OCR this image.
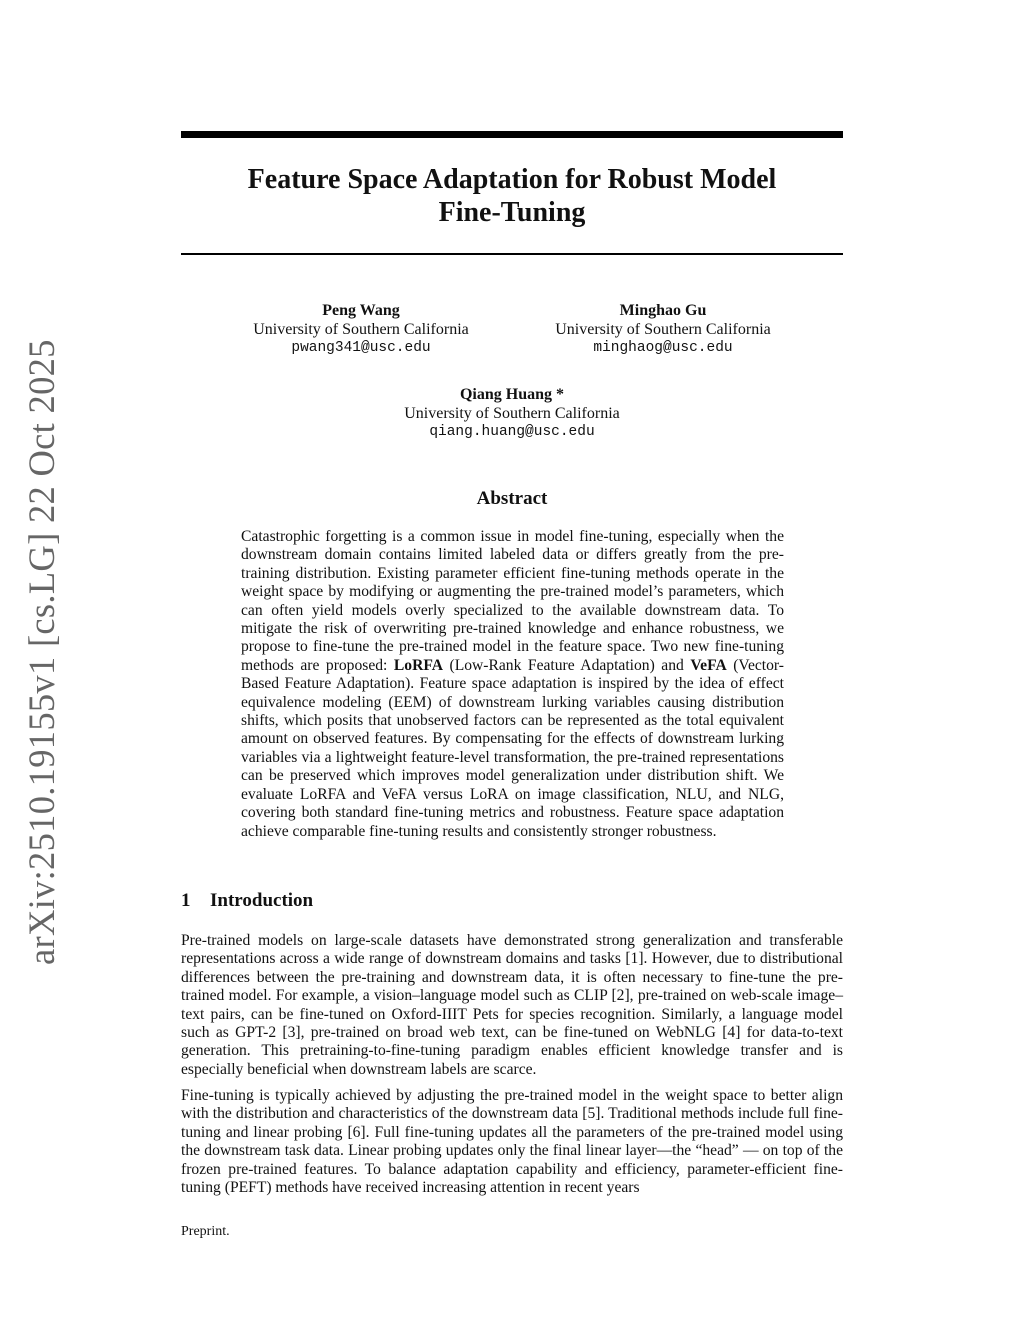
arXiv:2510.19155v1 [cs.LG] 22 Oct 2025
Feature Space Adaptation for Robust Model
Fine-Tuning
Peng Wang
University of Southern California
pwang341@usc.edu
Minghao Gu
University of Southern California
minghaog@usc.edu
Qiang Huang *
University of Southern California
qiang.huang@usc.edu
Abstract

Catastrophic forgetting is a common issue in model fine-tuning, especially when the downstream domain contains limited labeled data or differs greatly from the pre-training distribution. Existing parameter efficient fine-tuning methods operate in the weight space by modifying or augmenting the pre-trained model’s parameters, which can often yield models overly specialized to the available downstream data. To mitigate the risk of overwriting pre-trained knowledge and enhance robustness, we propose to fine-tune the pre-trained model in the feature space. Two new fine-tuning methods are proposed: LoRFA (Low-Rank Feature Adaptation) and VeFA (Vector-Based Feature Adaptation). Feature space adaptation is inspired by the idea of effect equivalence modeling (EEM) of downstream lurking variables causing distribution shifts, which posits that unobserved factors can be represented as the total equivalent amount on observed features. By compensating for the effects of downstream lurking variables via a lightweight feature-level transformation, the pre-trained representations can be preserved which improves model generalization under distribution shift. We evaluate LoRFA and VeFA versus LoRA on image classification, NLU, and NLG, covering both standard fine-tuning metrics and robustness. Feature space adaptation achieve comparable fine-tuning results and consistently stronger robustness.

1 Introduction

Pre-trained models on large-scale datasets have demonstrated strong generalization and transferable representations across a wide range of downstream domains and tasks [1]. However, due to distributional differences between the pre-training and downstream data, it is often necessary to fine-tune the pre-trained model. For example, a vision–language model such as CLIP [2], pre-trained on web-scale image–text pairs, can be fine-tuned on Oxford-IIIT Pets for species recognition. Similarly, a language model such as GPT-2 [3], pre-trained on broad web text, can be fine-tuned on WebNLG [4] for data-to-text generation. This pretraining-to-fine-tuning paradigm enables efficient knowledge transfer and is especially beneficial when downstream labels are scarce.

Fine-tuning is typically achieved by adjusting the pre-trained model in the weight space to better align with the distribution and characteristics of the downstream data [5]. Traditional methods include full fine-tuning and linear probing [6]. Full fine-tuning updates all the parameters of the pre-trained model using the downstream task data. Linear probing updates only the final linear layer—the “head” — on top of the frozen pre-trained features. To balance adaptation capability and efficiency, parameter-efficient fine-tuning (PEFT) methods have received increasing attention in recent years

Preprint.
